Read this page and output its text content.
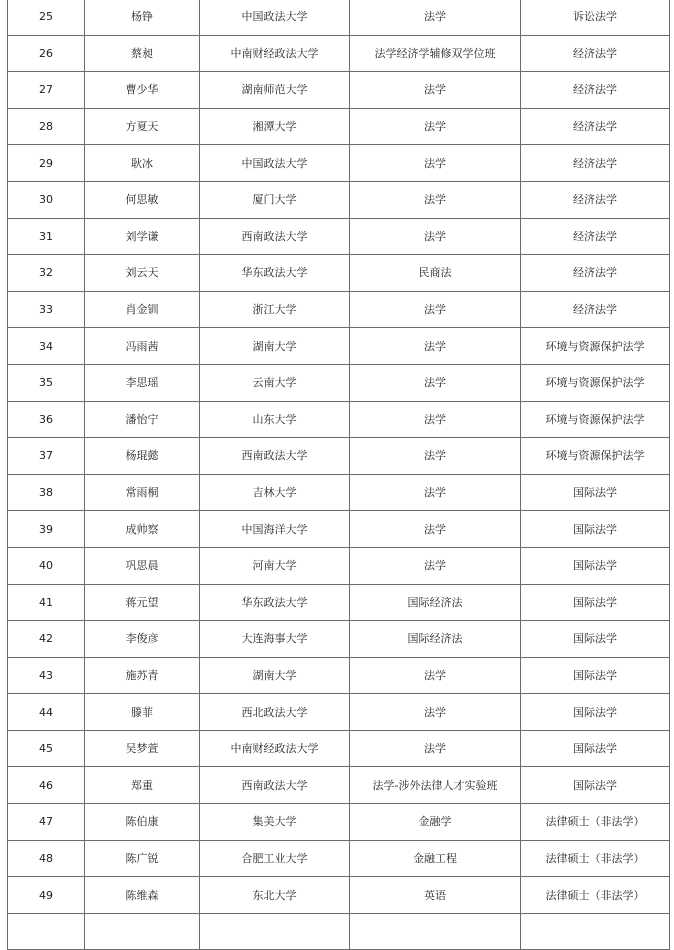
25	杨铮	中国政法大学	法学	诉讼法学
26	蔡昶	中南财经政法大学	法学经济学辅修双学位班	经济法学
27	曹少华	湖南师范大学	法学	经济法学
28	方夏天	湘潭大学	法学	经济法学
29	耿冰	中国政法大学	法学	经济法学
30	何思敏	厦门大学	法学	经济法学
31	刘学谦	西南政法大学	法学	经济法学
32	刘云天	华东政法大学	民商法	经济法学
33	肖金钏	浙江大学	法学	经济法学
34	冯雨茜	湖南大学	法学	环境与资源保护法学
35	李思瑶	云南大学	法学	环境与资源保护法学
36	潘怡宁	山东大学	法学	环境与资源保护法学
37	杨琨懿	西南政法大学	法学	环境与资源保护法学
38	常雨桐	吉林大学	法学	国际法学
39	成帅察	中国海洋大学	法学	国际法学
40	巩思晨	河南大学	法学	国际法学
41	蒋元望	华东政法大学	国际经济法	国际法学
42	李俊彦	大连海事大学	国际经济法	国际法学
43	施苏青	湖南大学	法学	国际法学
44	滕菲	西北政法大学	法学	国际法学
45	吴梦萱	中南财经政法大学	法学	国际法学
46	郑重	西南政法大学	法学-涉外法律人才实验班	国际法学
47	陈伯康	集美大学	金融学	法律硕士（非法学）
48	陈广锐	合肥工业大学	金融工程	法律硕士（非法学）
49	陈维森	东北大学	英语	法律硕士（非法学）
